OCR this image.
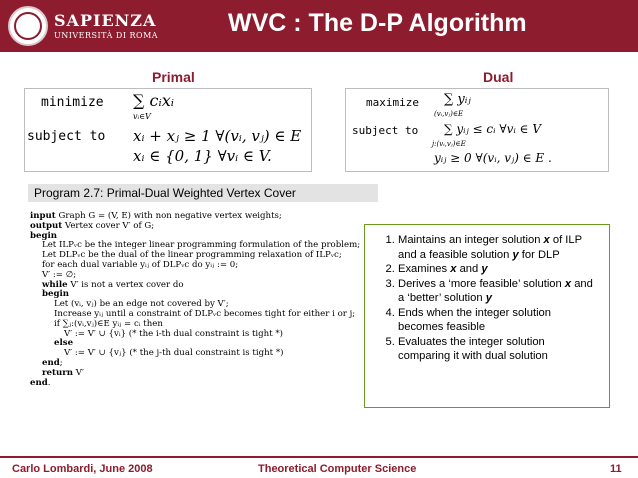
SAPIENZA
UNIVERSITÀ DI ROMA	WVC : The D-P Algorithm
Primal	Dual
minimize ∑ cᵢxᵢ
vᵢ∈V
subject to xᵢ + xⱼ ≥ 1 ∀(vᵢ, vⱼ) ∈ E
xᵢ ∈ {0, 1} ∀vᵢ ∈ V.
maximize ∑ yᵢⱼ
(vᵢ,vⱼ)∈E
subject to ∑ yᵢⱼ ≤ cᵢ ∀vᵢ ∈ V
j:(vᵢ,vⱼ)∈E
yᵢⱼ ≥ 0 ∀(vᵢ, vⱼ) ∈ E .
Program 2.7: Primal-Dual Weighted Vertex Cover
input Graph G = (V, E) with non negative vertex weights;
output Vertex cover V′ of G;
begin
Let ILPᵥc be the integer linear programming formulation of the problem;
Let DLPᵥc be the dual of the linear programming relaxation of ILPᵥc;
for each dual variable yᵢⱼ of DLPᵥc do yᵢⱼ := 0;
V′ := ∅;
while V′ is not a vertex cover do
begin
Let (vᵢ, vⱼ) be an edge not covered by V′;
Increase yᵢⱼ until a constraint of DLPᵥc becomes tight for either i or j;
if ∑ⱼ:(vᵢ,vⱼ)∈E yᵢⱼ = cᵢ then
V′ := V′ ∪ {vᵢ} (* the i-th dual constraint is tight *)
else
V′ := V′ ∪ {vⱼ} (* the j-th dual constraint is tight *)
end;
return V′
end.
1. Maintains an integer solution x of ILP and a feasible solution y for DLP
2. Examines x and y
3. Derives a ‘more feasible’ solution x and a ‘better’ solution y
4. Ends when the integer solution becomes feasible
5. Evaluates the integer solution comparing it with dual solution
Carlo Lombardi, June 2008	Theoretical Computer Science	11
